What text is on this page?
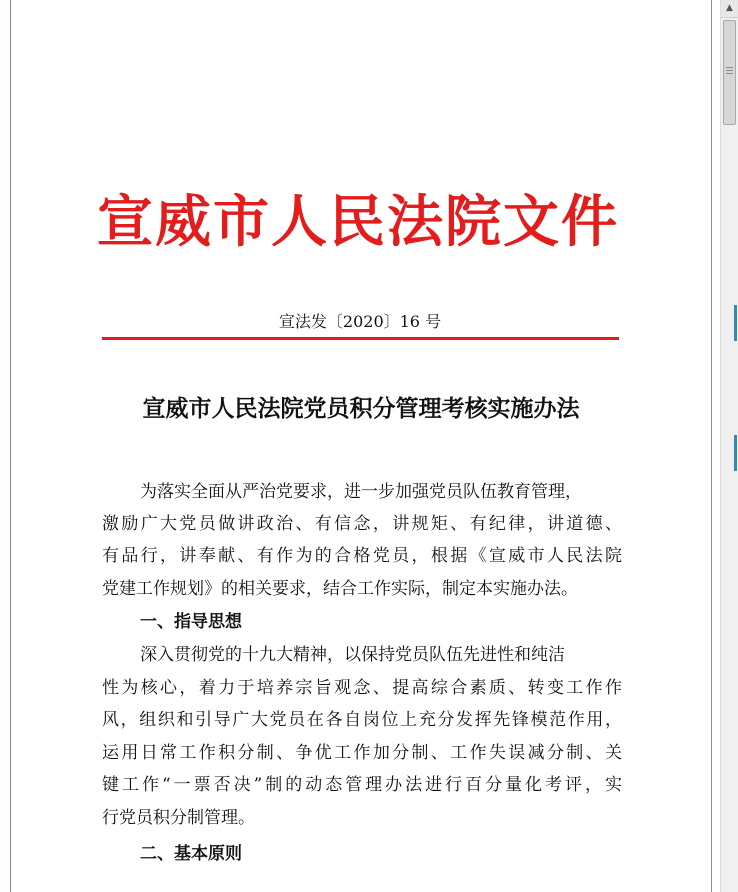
宣威市人民法院文件
宣法发〔2020〕16 号
宣威市人民法院党员积分管理考核实施办法
为落实全面从严治党要求，进一步加强党员队伍教育管理，
激励广大党员做讲政治、有信念，讲规矩、有纪律，讲道德、
有品行，讲奉献、有作为的合格党员，根据《宣威市人民法院
党建工作规划》的相关要求，结合工作实际，制定本实施办法。
一、指导思想
深入贯彻党的十九大精神，以保持党员队伍先进性和纯洁
性为核心，着力于培养宗旨观念、提高综合素质、转变工作作
风，组织和引导广大党员在各自岗位上充分发挥先锋模范作用，
运用日常工作积分制、争优工作加分制、工作失误减分制、关
键工作“一票否决”制的动态管理办法进行百分量化考评，实
行党员积分制管理。
二、基本原则
▲
